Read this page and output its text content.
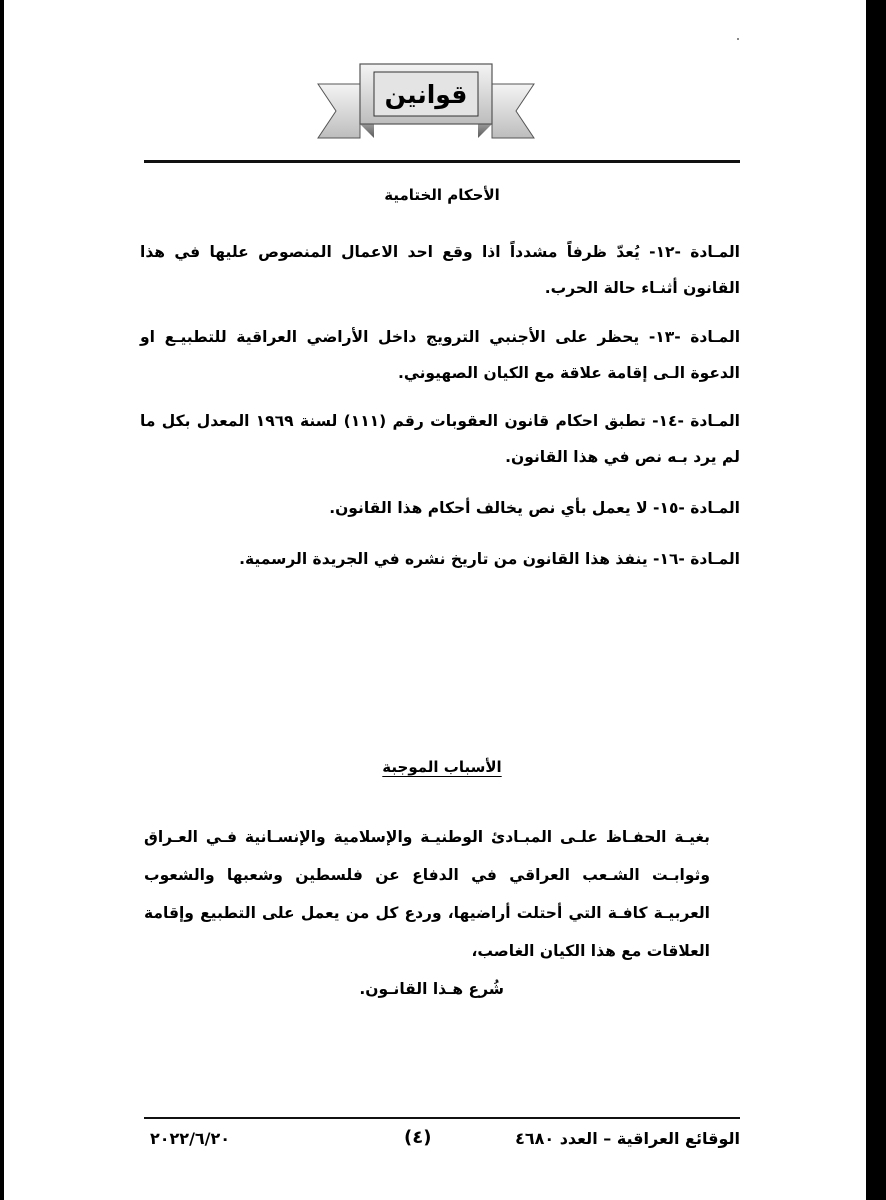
قوانين
الأحكام الختامية
المـادة -١٢- يُعدّ ظرفاً مشدداً اذا وقع احد الاعمال المنصوص عليها في هذا القانون أثنـاء حالة الحرب.
المـادة -١٣- يحظر على الأجنبي الترويج داخل الأراضي العراقية للتطبيـع او الدعوة الـى إقامة علاقة مع الكيان الصهيوني.
المـادة -١٤- تطبق احكام قانون العقوبات رقم (١١١) لسنة ١٩٦٩ المعدل بكل ما لم يرد بـه نص في هذا القانون.
المـادة -١٥- لا يعمل بأي نص يخالف أحكام هذا القانون.
المـادة -١٦- ينفذ هذا القانون من تاريخ نشره في الجريدة الرسمية.
الأسباب الموجبة

بغيـة الحفـاظ علـى المبـادئ الوطنيـة والإسلامية والإنسـانية فـي العـراق وثوابـت الشـعب العراقي في الدفاع عن فلسطين وشعبها والشعوب العربيـة كافـة التي أحتلت أراضيها، وردع كل من يعمل على التطبيع وإقامة العلاقات مع هذا الكيان الغاصب،

شُرع هـذا القانـون.

٢٠٢٢/٦/٢٠	(٤)	الوقائع العراقية – العدد ٤٦٨٠
